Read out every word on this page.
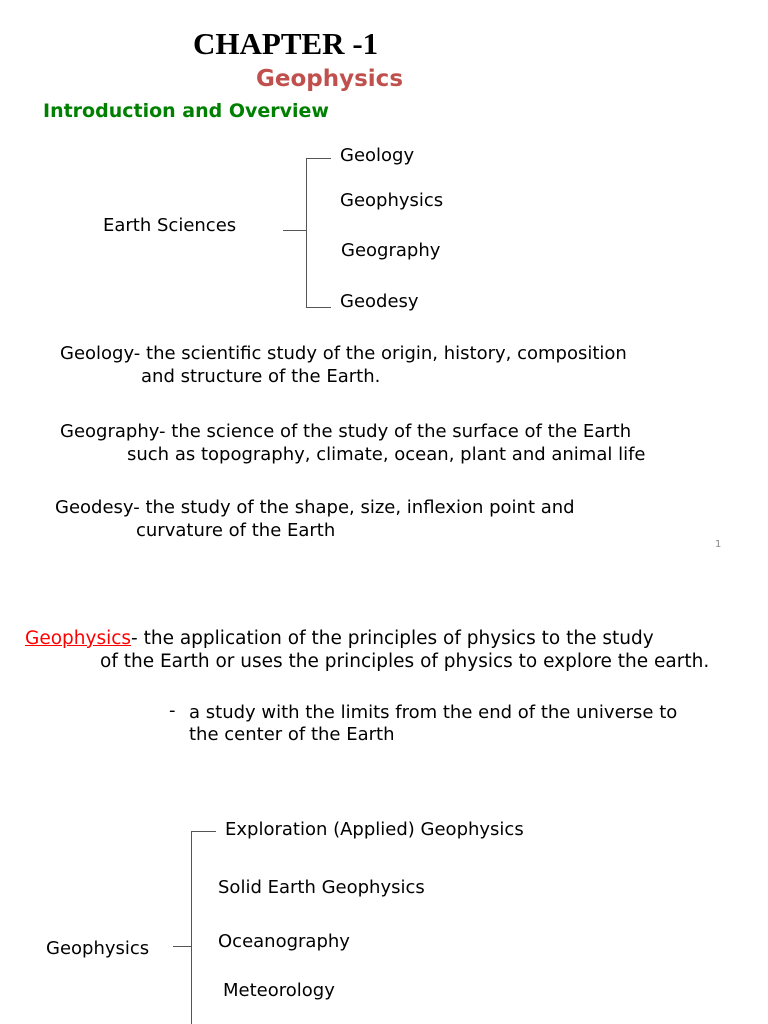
CHAPTER -1
Geophysics
Introduction and Overview
Earth Sciences
Geology
Geophysics
Geography
Geodesy
Geology- the scientific study of the origin, history, composition
and structure of the Earth.
Geography- the science of the study of the surface of the Earth
such as topography, climate, ocean, plant and animal life
Geodesy- the study of the shape, size, inflexion point and
curvature of the Earth
1
Geophysics- the application of the principles of physics to the study
of the Earth or uses the principles of physics to explore the earth.
- a study with the limits from the end of the universe to
the center of the Earth
Geophysics
Exploration (Applied) Geophysics
Solid Earth Geophysics
Oceanography
Meteorology
